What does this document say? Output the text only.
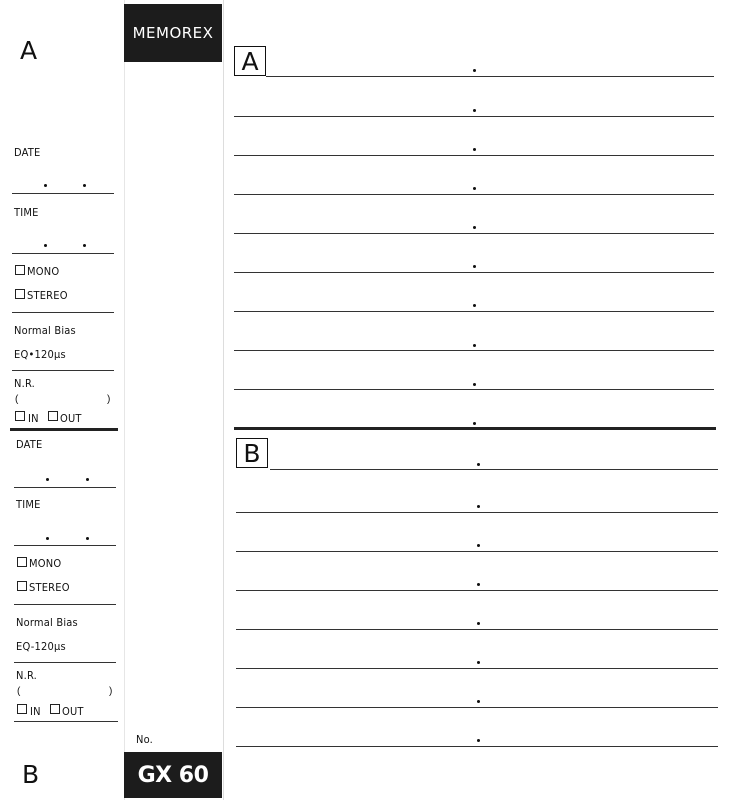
A
DATE
TIME
MONO
STEREO
Normal Bias
EQ•120μs
N.R.
(	)
IN OUT
DATE
TIME
MONO
STEREO
Normal Bias
EQ-120μs
N.R.
(	)
IN OUT
B
MEMOREX
No.
GX 60
A
B
